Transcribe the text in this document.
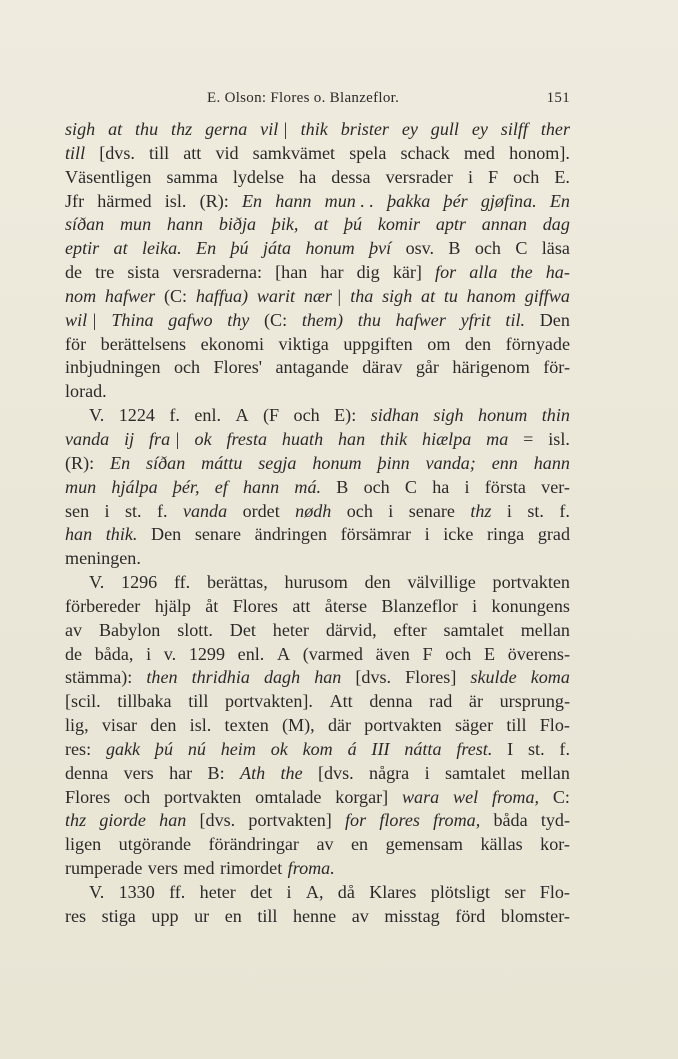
E. Olson: Flores o. Blanzeflor.	151
sigh at thu thz gerna vil | thik brister ey gull ey silff ther
till [dvs. till att vid samkvämet spela schack med honom].
Väsentligen samma lydelse ha dessa versrader i F och E.
Jfr härmed isl. (R): En hann mun . . þakka þér gjøfina. En
síðan mun hann biðja þik, at þú komir aptr annan dag
eptir at leika. En þú játa honum því osv. B och C läsa
de tre sista versraderna: [han har dig kär] for alla the ha-
nom hafwer (C: haffua) warit nær | tha sigh at tu hanom giffwa
wil | Thina gafwo thy (C: them) thu hafwer yfrit til. Den
för berättelsens ekonomi viktiga uppgiften om den förnyade
inbjudningen och Flores' antagande därav går härigenom för-
lorad.
V. 1224 f. enl. A (F och E): sidhan sigh honum thin
vanda ij fra | ok fresta huath han thik hiælpa ma = isl.
(R): En síðan máttu segja honum þinn vanda; enn hann
mun hjálpa þér, ef hann má. B och C ha i första ver-
sen i st. f. vanda ordet nødh och i senare thz i st. f.
han thik. Den senare ändringen försämrar i icke ringa grad
meningen.
V. 1296 ff. berättas, hurusom den välvillige portvakten
förbereder hjälp åt Flores att återse Blanzeflor i konungens
av Babylon slott. Det heter därvid, efter samtalet mellan
de båda, i v. 1299 enl. A (varmed även F och E överens-
stämma): then thridhia dagh han [dvs. Flores] skulde koma
[scil. tillbaka till portvakten]. Att denna rad är ursprung-
lig, visar den isl. texten (M), där portvakten säger till Flo-
res: gakk þú nú heim ok kom á III nátta frest. I st. f.
denna vers har B: Ath the [dvs. några i samtalet mellan
Flores och portvakten omtalade korgar] wara wel froma, C:
thz giorde han [dvs. portvakten] for flores froma, båda tyd-
ligen utgörande förändringar av en gemensam källas kor-
rumperade vers med rimordet froma.
V. 1330 ff. heter det i A, då Klares plötsligt ser Flo-
res stiga upp ur en till henne av misstag förd blomster-
